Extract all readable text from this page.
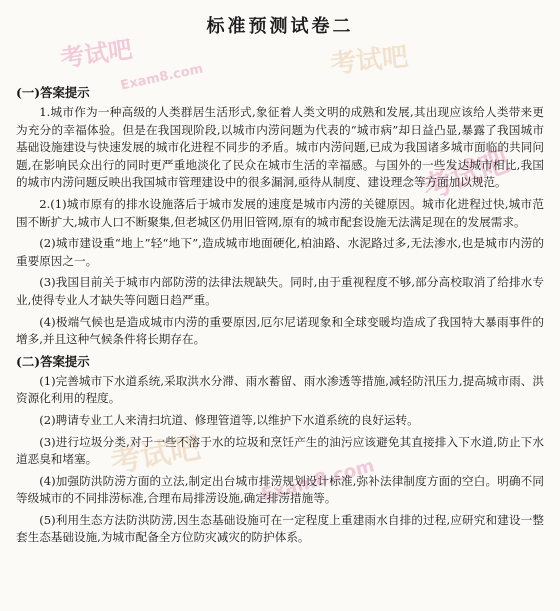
考试吧	考试吧
Exam8.com
考试吧
考试吧	Exam8.com
标准预测试卷二
(一)答案提示

1.城市作为一种高级的人类群居生活形式,象征着人类文明的成熟和发展,其出现应该给人类带来更为充分的幸福体验。但是在我国现阶段,以城市内涝问题为代表的“城市病”却日益凸显,暴露了我国城市基础设施建设与快速发展的城市化进程不同步的矛盾。城市内涝问题,已成为我国诸多城市面临的共同问题,在影响民众出行的同时更严重地淡化了民众在城市生活的幸福感。与国外的一些发达城市相比,我国的城市内涝问题反映出我国城市管理建设中的很多漏洞,亟待从制度、建设理念等方面加以规范。

2.(1)城市原有的排水设施落后于城市发展的速度是城市内涝的关键原因。城市化进程过快,城市范围不断扩大,城市人口不断聚集,但老城区仍用旧管网,原有的城市配套设施无法满足现在的发展需求。

(2)城市建设重“地上”轻“地下”,造成城市地面硬化,柏油路、水泥路过多,无法渗水,也是城市内涝的重要原因之一。

(3)我国目前关于城市内部防涝的法律法规缺失。同时,由于重视程度不够,部分高校取消了给排水专业,使得专业人才缺失等问题日趋严重。

(4)极端气候也是造成城市内涝的重要原因,厄尔尼诺现象和全球变暖均造成了我国特大暴雨事件的增多,并且这种气候条件将长期存在。

(二)答案提示

(1)完善城市下水道系统,采取洪水分滞、雨水蓄留、雨水渗透等措施,减轻防汛压力,提高城市雨、洪资源化利用的程度。

(2)聘请专业工人来清扫坑道、修理管道等,以维护下水道系统的良好运转。

(3)进行垃圾分类,对于一些不溶于水的垃圾和烹饪产生的油污应该避免其直接排入下水道,防止下水道恶臭和堵塞。

(4)加强防洪防涝方面的立法,制定出台城市排涝规划设计标准,弥补法律制度方面的空白。明确不同等级城市的不同排涝标准,合理布局排涝设施,确定排涝措施等。

(5)利用生态方法防洪防涝,因生态基础设施可在一定程度上重建雨水自排的过程,应研究和建设一整套生态基础设施,为城市配备全方位防灾减灾的防护体系。
